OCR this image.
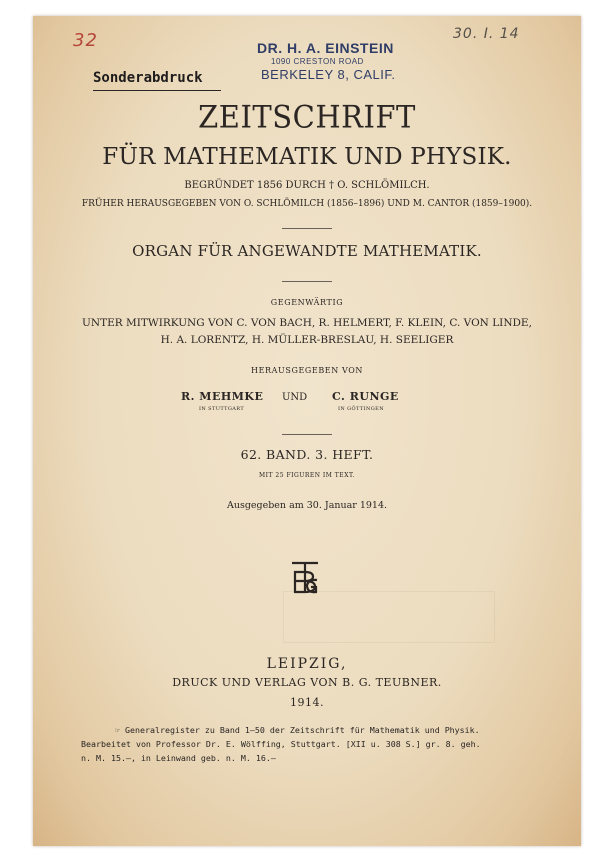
32	30. I. 14
DR. H. A. EINSTEIN
1090 CRESTON ROAD
BERKELEY 8, CALIF.
Sonderabdruck
ZEITSCHRIFT
FÜR MATHEMATIK UND PHYSIK.
BEGRÜNDET 1856 DURCH † O. SCHLÖMILCH.
FRÜHER HERAUSGEGEBEN VON O. SCHLÖMILCH (1856–1896) UND M. CANTOR (1859–1900).
ORGAN FÜR ANGEWANDTE MATHEMATIK.
GEGENWÄRTIG
UNTER MITWIRKUNG VON C. VON BACH, R. HELMERT, F. KLEIN, C. VON LINDE,
H. A. LORENTZ, H. MÜLLER-BRESLAU, H. SEELIGER
HERAUSGEGEBEN VON
R. MEHMKE UND C. RUNGE
IN STUTTGART	IN GÖTTINGEN
62. BAND. 3. HEFT.
MIT 25 FIGUREN IM TEXT.
Ausgegeben am 30. Januar 1914.
LEIPZIG,
DRUCK UND VERLAG VON B. G. TEUBNER.
1914.
☞ Generalregister zu Band 1—50 der Zeitschrift für Mathematik und Physik.
Bearbeitet von Professor Dr. E. Wölffing, Stuttgart. [XII u. 308 S.] gr. 8. geh.
n. M. 15.—, in Leinwand geb. n. M. 16.—
